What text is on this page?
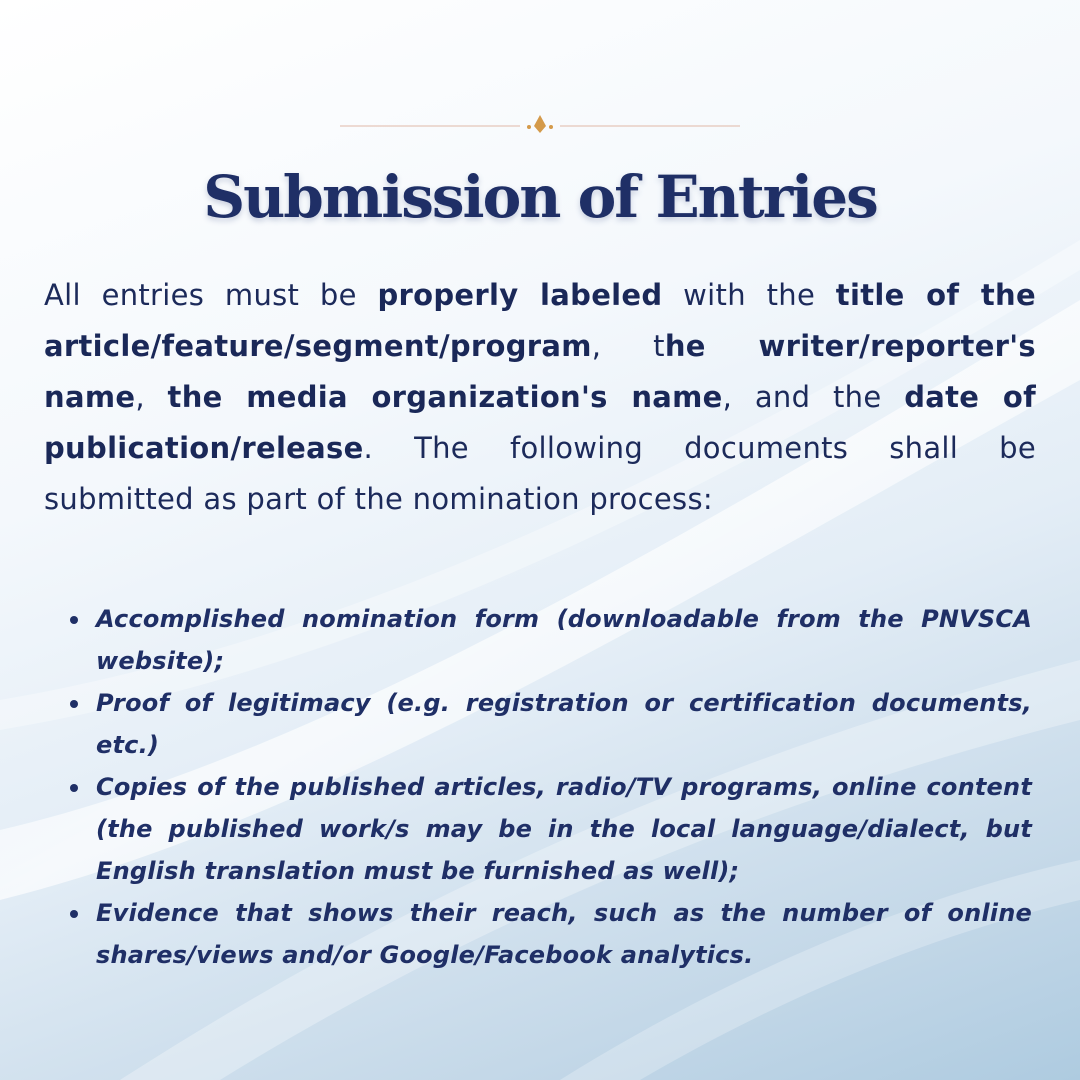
Submission of Entries

All entries must be properly labeled with the title of the article/feature/segment/program, the writer/reporter's name, the media organization's name, and the date of publication/release. The following documents shall be submitted as part of the nomination process:

Accomplished nomination form (downloadable from the PNVSCA website);
Proof of legitimacy (e.g. registration or certification documents, etc.)
Copies of the published articles, radio/TV programs, online content (the published work/s may be in the local language/dialect, but English translation must be furnished as well);
Evidence that shows their reach, such as the number of online shares/views and/or Google/Facebook analytics.
